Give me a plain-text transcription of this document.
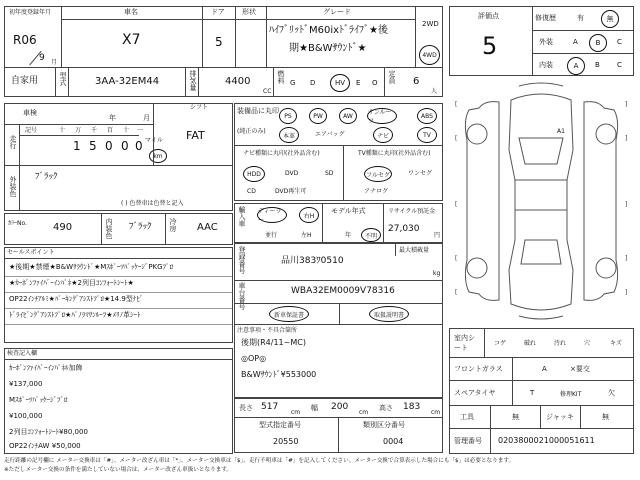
初年度登録年月
R06
9 月
車名
X7
ドア
5
形状	グレード
ﾊｲﾌﾞﾘｯﾄﾞM60ixﾄﾞﾗｲﾌﾞ★後
期★B&Wｻｳﾝﾄﾞ★
2WD
4WD
自家用	型式	3AA-32EM44	排気量	4400
CC
燃料 G D	HV E O 定員 6
人
車検
年	月
走行
記号	十 万 千 百 十 一
1 5 0 0 0 マイル
km
シフト
FAT
外装色 ﾌﾞﾗｯｸ
( ) 色替車は色替と記入
ｶﾗｰNo.	490	内装色 ﾌﾞﾗｯｸ 冷房 AAC
セールスポイント
★後期★禁煙★B&Wｻﾗｳﾝﾄﾞ★MｽﾎﾟｰﾂﾊﾟｯｹｰｼﾞPKGﾌﾟﾛ
★ｶｰﾎﾞﾝﾌｧｲﾊﾞｰｲﾝﾊﾟﾈ★2列目ｺﾝﾌｫｰﾄｼｰﾄ★
OP22ｲﾝﾁｱﾙﾐ★ﾊﾟｰｷﾝｸﾞｱｼｽﾄﾌﾟﾛ★14.9型ﾅﾋﾞ
ﾄﾞﾗｲﾋﾞﾝｸﾞｱｼｽﾄﾌﾟﾛ★ﾊﾟﾉﾗﾏｻﾝﾙｰﾌ★ﾒﾘﾉ革ｼｰﾄ
検査記入欄
ｶｰﾎﾞﾝﾌｧｲﾊﾞｰｲﾝﾊﾟﾈﾙ加飾
¥137,000
Mｽﾎﾟｰﾂﾊﾟｯｹｰｼﾞﾌﾟﾛ
¥100,000
2列目ｺﾝﾌｫｰﾄｼｰﾄ¥80,000
OP22ｲﾝﾁAW ¥50,000
装備品に丸印
(純正のみ)
PS	PW	AW	サンルーフ
ABS
本革	エアバッグ	ナビ	TV
ナビ種類に丸印(社外品含む)
HDD	DVD	SD
CD	DVD再生可
TV種類に丸印(社外品含む)
フルセグ	ワンセグ
アナログ
輸入車 ディーラー
並行
右H
左H
モデル年式
年 不明
リサイクル預託金
27,030
円
登録番号	品川383ﾜ0510
最大積載量
kg
車台番号	WBA32EM0009V78316
新車保証書	取扱説明書
注意事項・不具合箇所
後期(R4/11~MC)
◎OP◎
B&Wｻｳﾝﾄﾞ¥553000
長さ 517
cm
幅 200
cm
高さ 183
cm
型式指定番号
20550
類別区分番号
0004
評価点
5
修復歴	有	無
外装	A	B C
内装	A B C
[	]
[	]
[	]
[	]
[	]
A1
室内シート
コゲ	破れ	汚れ	穴	キズ
フロントガラス	A	×要交
スペアタイヤ	T	修理KIT	欠
工具	無	ジャッキ	無
管理番号 0203800021000051611
走行距離の記号欄に メーター交換車は「#」、メーター改ざん車は「*」、メーター交換車は「$」、走行不明車は「#」を記入してください。メーター交換で合算表示した場合にも「$」は必要となります。
※ただしメーター交換の条件を満たしていない場合は、メーター改ざん車扱いとなります。
